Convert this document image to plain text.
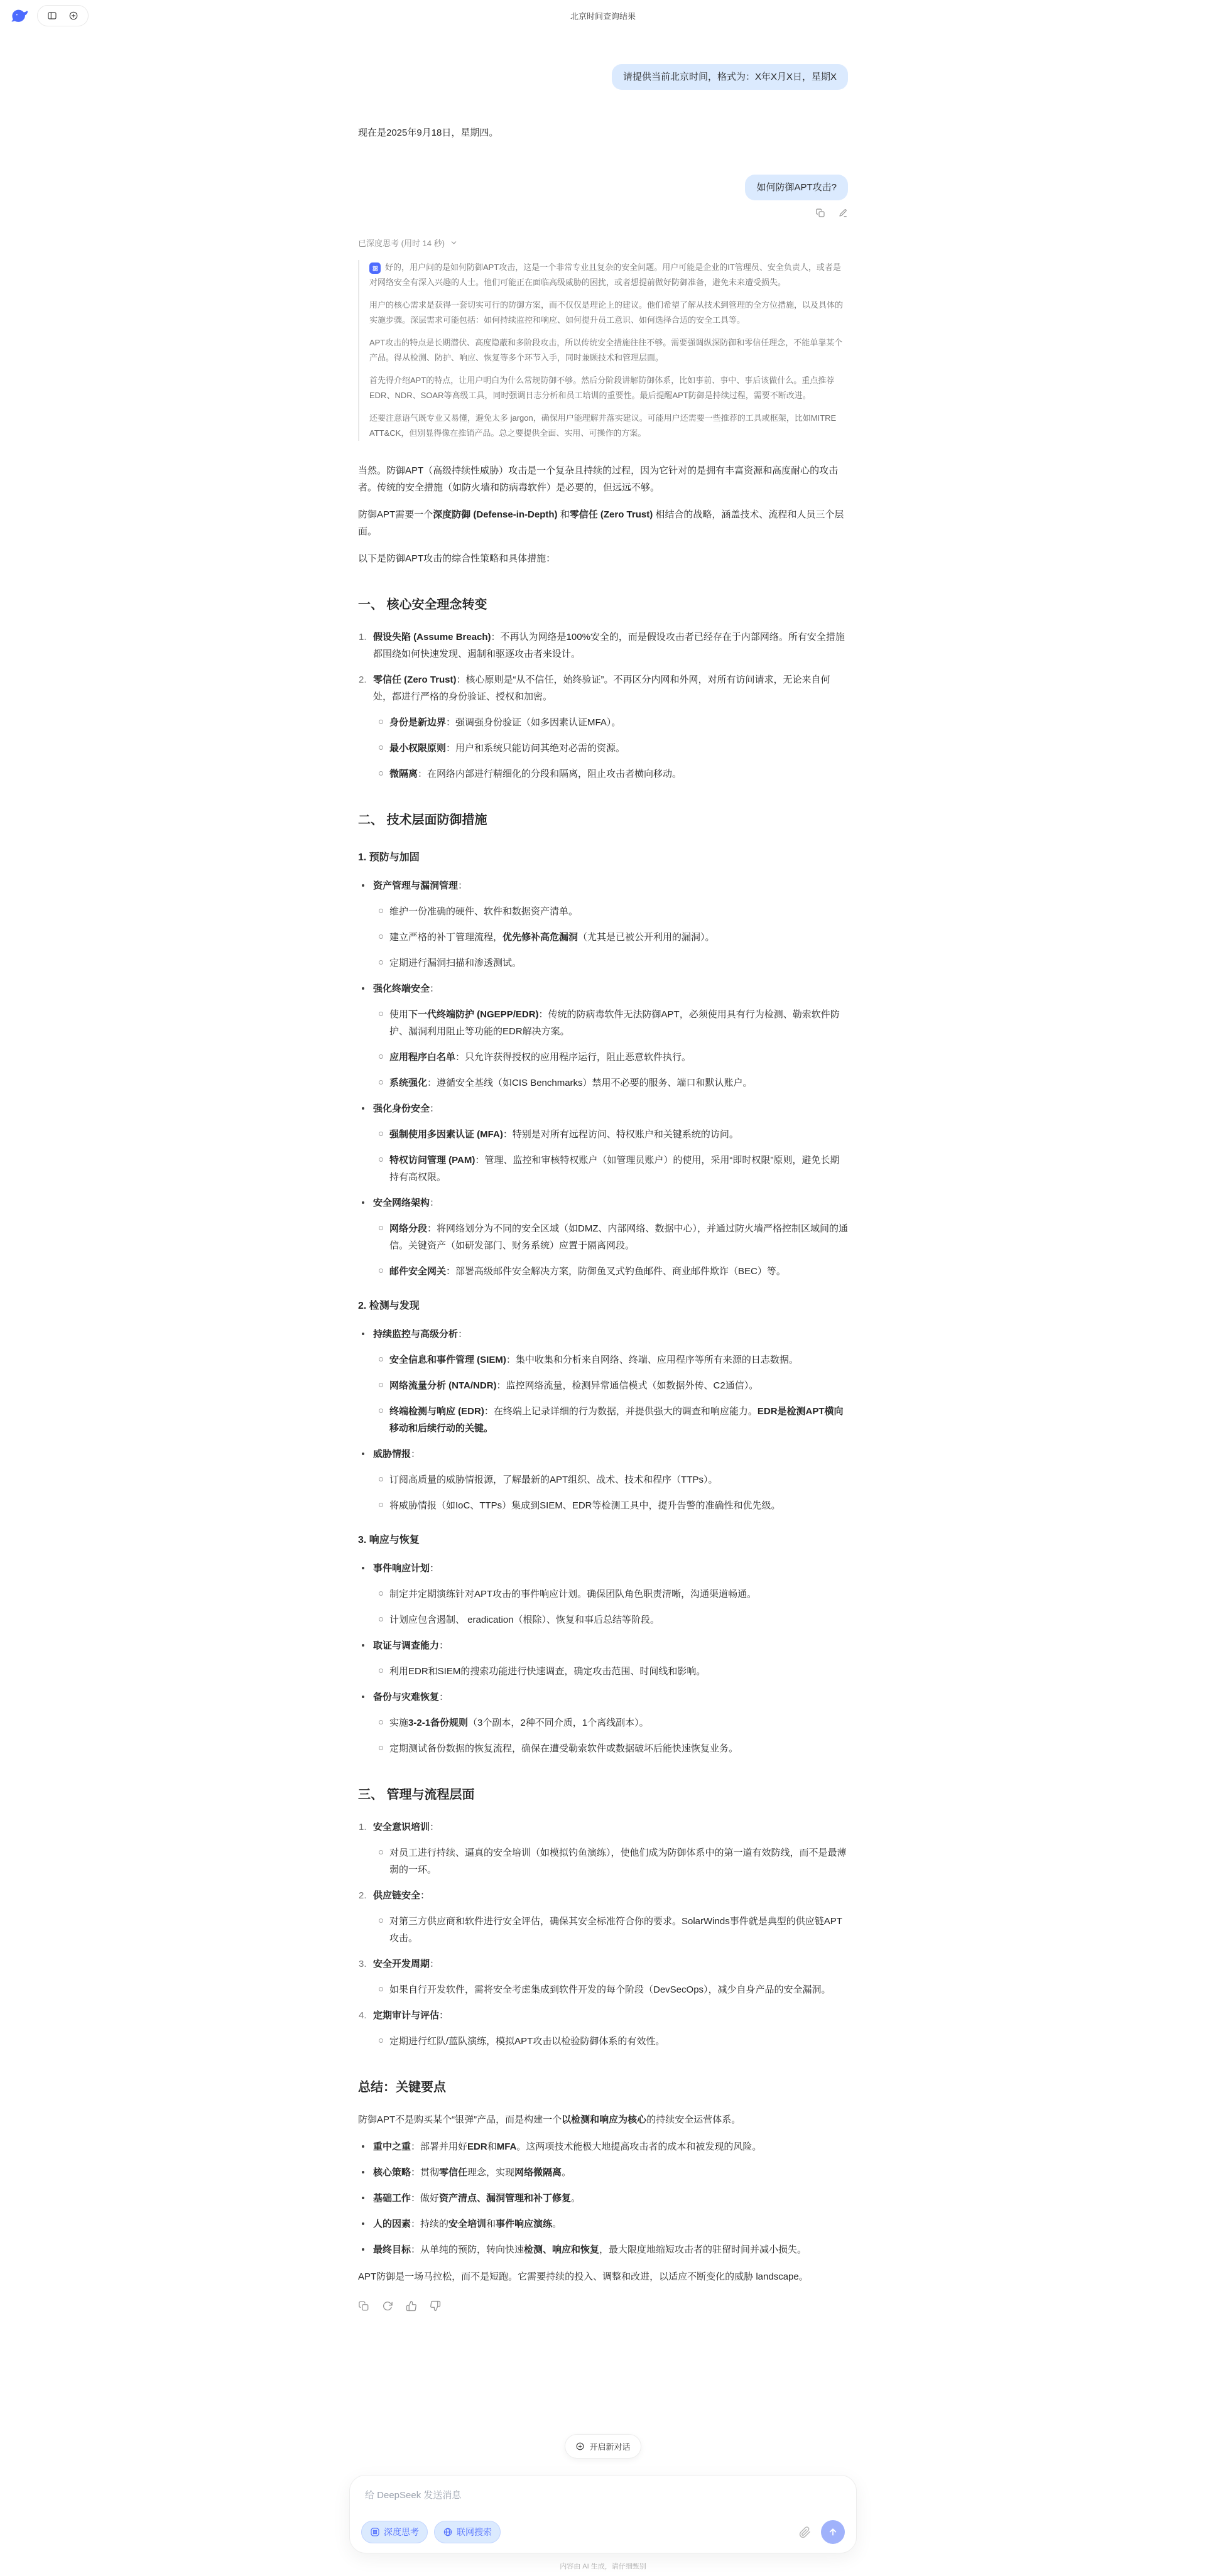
北京时间查询结果
请提供当前北京时间，格式为：X年X月X日，星期X
现在是2025年9月18日，星期四。
如何防御APT攻击?
已深度思考 (用时 14 秒)
好的，用户问的是如何防御APT攻击，这是一个非常专业且复杂的安全问题。用户可能是企业的IT管理员、安全负责人，或者是对网络安全有深入兴趣的人士。他们可能正在面临高级威胁的困扰，或者想提前做好防御准备，避免未来遭受损失。
用户的核心需求是获得一套切实可行的防御方案，而不仅仅是理论上的建议。他们希望了解从技术到管理的全方位措施，以及具体的实施步骤。深层需求可能包括：如何持续监控和响应、如何提升员工意识、如何选择合适的安全工具等。
APT攻击的特点是长期潜伏、高度隐蔽和多阶段攻击，所以传统安全措施往往不够。需要强调纵深防御和零信任理念，不能单靠某个产品。得从检测、防护、响应、恢复等多个环节入手，同时兼顾技术和管理层面。
首先得介绍APT的特点，让用户明白为什么常规防御不够。然后分阶段讲解防御体系，比如事前、事中、事后该做什么。重点推荐EDR、NDR、SOAR等高级工具，同时强调日志分析和员工培训的重要性。最后提醒APT防御是持续过程，需要不断改进。
还要注意语气既专业又易懂，避免太多 jargon，确保用户能理解并落实建议。可能用户还需要一些推荐的工具或框架，比如MITRE ATT&CK，但别显得像在推销产品。总之要提供全面、实用、可操作的方案。
当然。防御APT（高级持续性威胁）攻击是一个复杂且持续的过程，因为它针对的是拥有丰富资源和高度耐心的攻击者。传统的安全措施（如防火墙和防病毒软件）是必要的，但远远不够。
防御APT需要一个深度防御 (Defense-in-Depth) 和零信任 (Zero Trust) 相结合的战略，涵盖技术、流程和人员三个层面。
以下是防御APT攻击的综合性策略和具体措施：
一、 核心安全理念转变
假设失陷 (Assume Breach)：不再认为网络是100%安全的，而是假设攻击者已经存在于内部网络。所有安全措施都围绕如何快速发现、遏制和驱逐攻击者来设计。
零信任 (Zero Trust)：核心原则是“从不信任，始终验证”。不再区分内网和外网，对所有访问请求，无论来自何处，都进行严格的身份验证、授权和加密。
身份是新边界：强调强身份验证（如多因素认证MFA）。
最小权限原则：用户和系统只能访问其绝对必需的资源。
微隔离：在网络内部进行精细化的分段和隔离，阻止攻击者横向移动。
二、 技术层面防御措施
1. 预防与加固
资产管理与漏洞管理：
维护一份准确的硬件、软件和数据资产清单。
建立严格的补丁管理流程，优先修补高危漏洞（尤其是已被公开利用的漏洞）。
定期进行漏洞扫描和渗透测试。
强化终端安全：
使用下一代终端防护 (NGEPP/EDR)：传统的防病毒软件无法防御APT，必须使用具有行为检测、勒索软件防护、漏洞利用阻止等功能的EDR解决方案。
应用程序白名单：只允许获得授权的应用程序运行，阻止恶意软件执行。
系统强化：遵循安全基线（如CIS Benchmarks）禁用不必要的服务、端口和默认账户。
强化身份安全：
强制使用多因素认证 (MFA)：特别是对所有远程访问、特权账户和关键系统的访问。
特权访问管理 (PAM)：管理、监控和审核特权账户（如管理员账户）的使用，采用“即时权限”原则，避免长期持有高权限。
安全网络架构：
网络分段：将网络划分为不同的安全区域（如DMZ、内部网络、数据中心），并通过防火墙严格控制区域间的通信。关键资产（如研发部门、财务系统）应置于隔离网段。
邮件安全网关：部署高级邮件安全解决方案，防御鱼叉式钓鱼邮件、商业邮件欺诈（BEC）等。
2. 检测与发现
持续监控与高级分析：
安全信息和事件管理 (SIEM)：集中收集和分析来自网络、终端、应用程序等所有来源的日志数据。
网络流量分析 (NTA/NDR)：监控网络流量，检测异常通信模式（如数据外传、C2通信）。
终端检测与响应 (EDR)：在终端上记录详细的行为数据，并提供强大的调查和响应能力。EDR是检测APT横向移动和后续行动的关键。
威胁情报：
订阅高质量的威胁情报源，了解最新的APT组织、战术、技术和程序（TTPs）。
将威胁情报（如IoC、TTPs）集成到SIEM、EDR等检测工具中，提升告警的准确性和优先级。
3. 响应与恢复
事件响应计划：
制定并定期演练针对APT攻击的事件响应计划。确保团队角色职责清晰，沟通渠道畅通。
计划应包含遏制、 eradication（根除）、恢复和事后总结等阶段。
取证与调查能力：
利用EDR和SIEM的搜索功能进行快速调查，确定攻击范围、时间线和影响。
备份与灾难恢复：
实施3-2-1备份规则（3个副本，2种不同介质，1个离线副本）。
定期测试备份数据的恢复流程，确保在遭受勒索软件或数据破坏后能快速恢复业务。
三、 管理与流程层面
安全意识培训：
对员工进行持续、逼真的安全培训（如模拟钓鱼演练），使他们成为防御体系中的第一道有效防线，而不是最薄弱的一环。
供应链安全：
对第三方供应商和软件进行安全评估，确保其安全标准符合你的要求。SolarWinds事件就是典型的供应链APT攻击。
安全开发周期：
如果自行开发软件，需将安全考虑集成到软件开发的每个阶段（DevSecOps），减少自身产品的安全漏洞。
定期审计与评估：
定期进行红队/蓝队演练，模拟APT攻击以检验防御体系的有效性。
总结：关键要点
防御APT不是购买某个“银弹”产品，而是构建一个以检测和响应为核心的持续安全运营体系。
重中之重：部署并用好EDR和MFA。这两项技术能极大地提高攻击者的成本和被发现的风险。
核心策略：贯彻零信任理念，实现网络微隔离。
基础工作：做好资产清点、漏洞管理和补丁修复。
人的因素：持续的安全培训和事件响应演练。
最终目标：从单纯的预防，转向快速检测、响应和恢复，最大限度地缩短攻击者的驻留时间并减小损失。
APT防御是一场马拉松，而不是短跑。它需要持续的投入、调整和改进，以适应不断变化的威胁 landscape。
开启新对话
给 DeepSeek 发送消息
深度思考	联网搜索
内容由 AI 生成，请仔细甄别
